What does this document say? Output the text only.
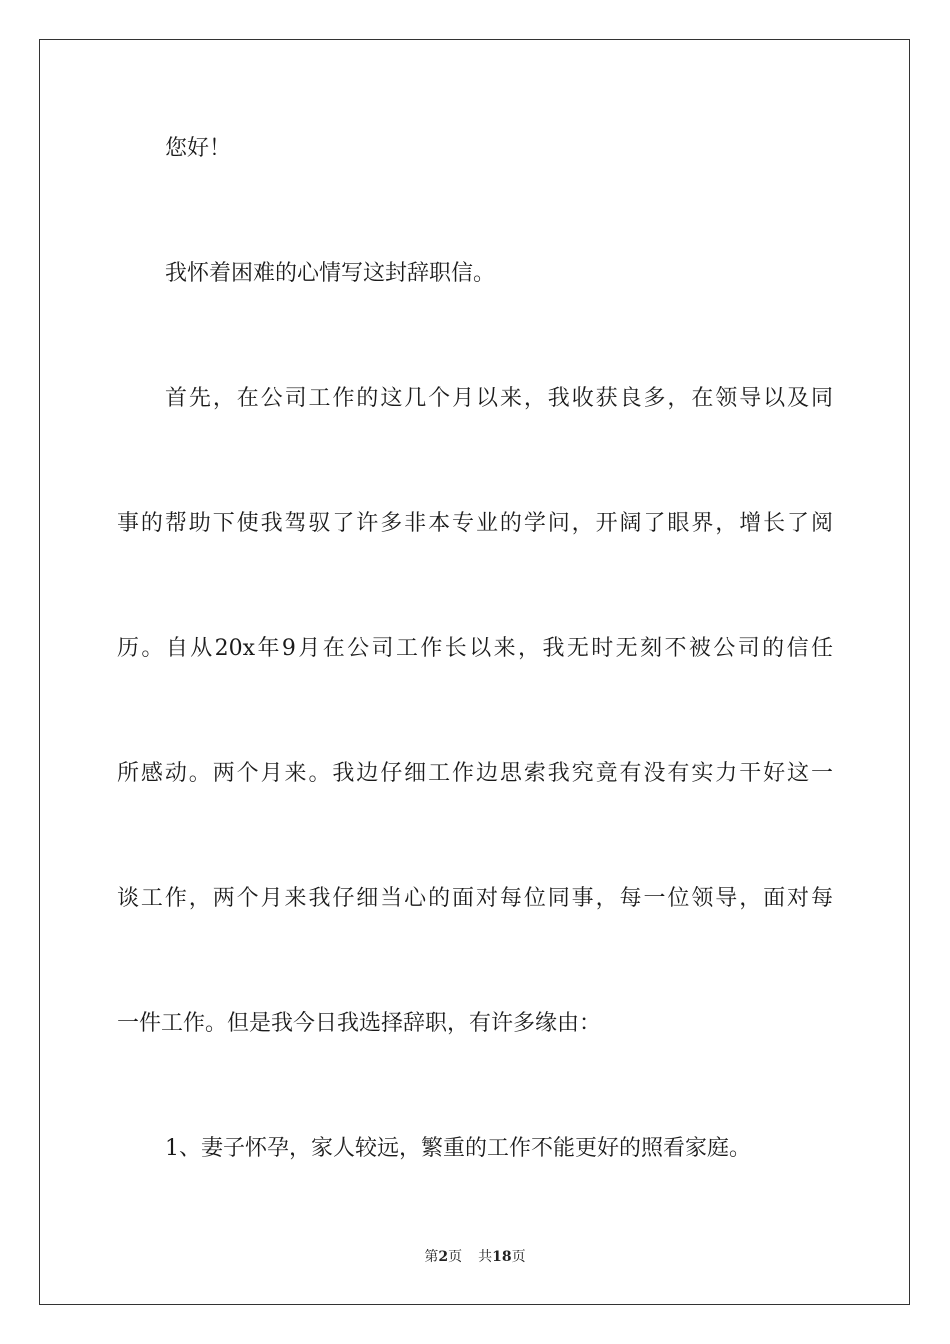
您好！
我怀着困难的心情写这封辞职信。
首先，在公司工作的这几个月以来，我收获良多，在领导以及同
事的帮助下使我驾驭了许多非本专业的学问，开阔了眼界，增长了阅
历。自从20x年9月在公司工作长以来，我无时无刻不被公司的信任
所感动。两个月来。我边仔细工作边思索我究竟有没有实力干好这一
谈工作，两个月来我仔细当心的面对每位同事，每一位领导，面对每
一件工作。但是我今日我选择辞职，有许多缘由：
1、妻子怀孕，家人较远，繁重的工作不能更好的照看家庭。
第2页 共18页
